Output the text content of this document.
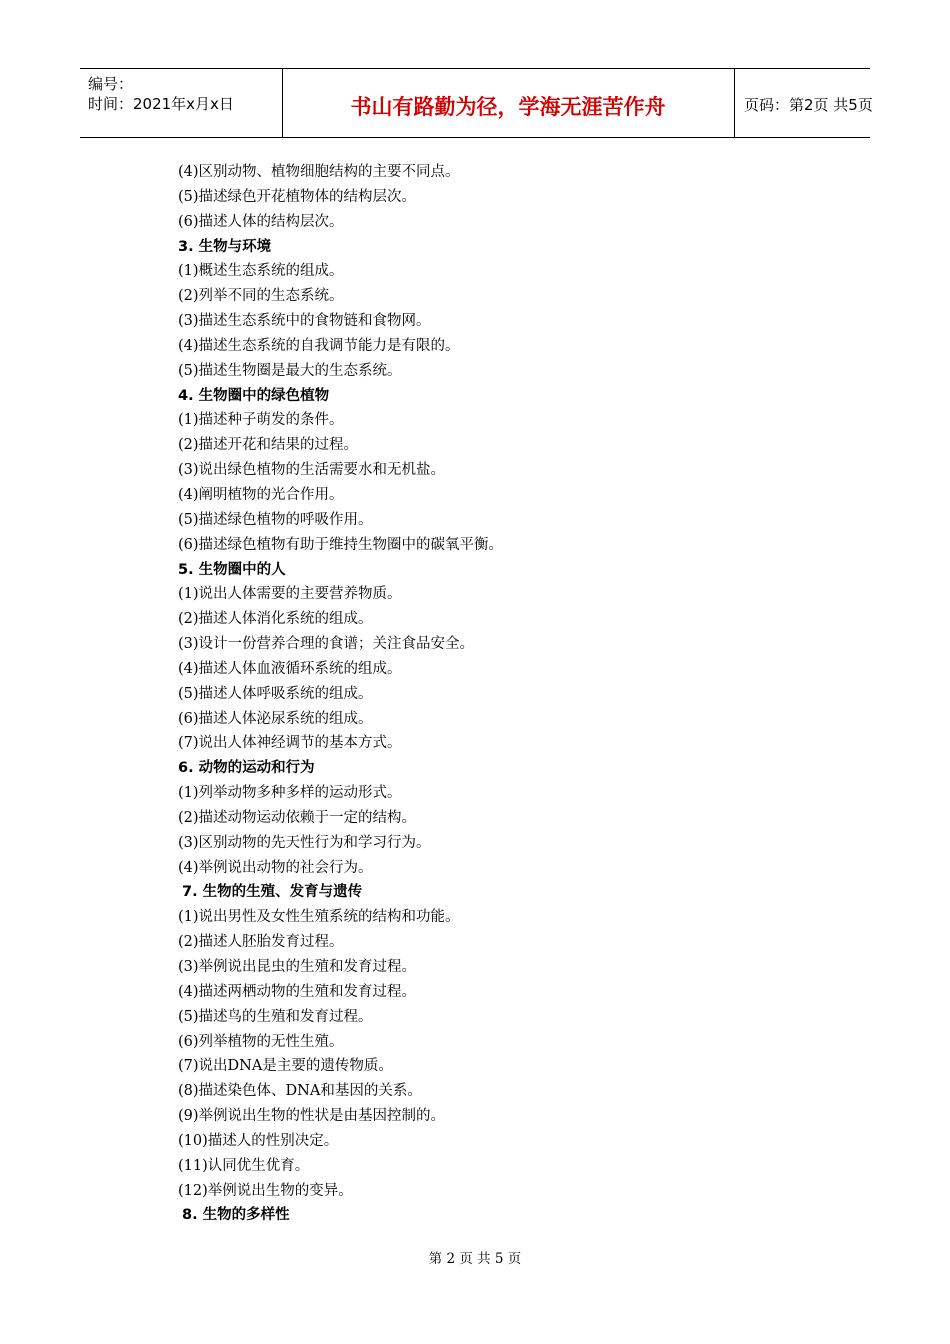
编号：
时间：2021年x月x日	书山有路勤为径，学海无涯苦作舟	页码：第2页 共5页
(4)区别动物、植物细胞结构的主要不同点。
(5)描述绿色开花植物体的结构层次。
(6)描述人体的结构层次。
3. 生物与环境
(1)概述生态系统的组成。
(2)列举不同的生态系统。
(3)描述生态系统中的食物链和食物网。
(4)描述生态系统的自我调节能力是有限的。
(5)描述生物圈是最大的生态系统。
4. 生物圈中的绿色植物
(1)描述种子萌发的条件。
(2)描述开花和结果的过程。
(3)说出绿色植物的生活需要水和无机盐。
(4)阐明植物的光合作用。
(5)描述绿色植物的呼吸作用。
(6)描述绿色植物有助于维持生物圈中的碳氧平衡。
5. 生物圈中的人
(1)说出人体需要的主要营养物质。
(2)描述人体消化系统的组成。
(3)设计一份营养合理的食谱；关注食品安全。
(4)描述人体血液循环系统的组成。
(5)描述人体呼吸系统的组成。
(6)描述人体泌尿系统的组成。
(7)说出人体神经调节的基本方式。
6. 动物的运动和行为
(1)列举动物多种多样的运动形式。
(2)描述动物运动依赖于一定的结构。
(3)区别动物的先天性行为和学习行为。
(4)举例说出动物的社会行为。
7. 生物的生殖、发育与遗传
(1)说出男性及女性生殖系统的结构和功能。
(2)描述人胚胎发育过程。
(3)举例说出昆虫的生殖和发育过程。
(4)描述两栖动物的生殖和发育过程。
(5)描述鸟的生殖和发育过程。
(6)列举植物的无性生殖。
(7)说出DNA是主要的遗传物质。
(8)描述染色体、DNA和基因的关系。
(9)举例说出生物的性状是由基因控制的。
(10)描述人的性别决定。
(11)认同优生优育。
(12)举例说出生物的变异。
8. 生物的多样性
第 2 页 共 5 页
